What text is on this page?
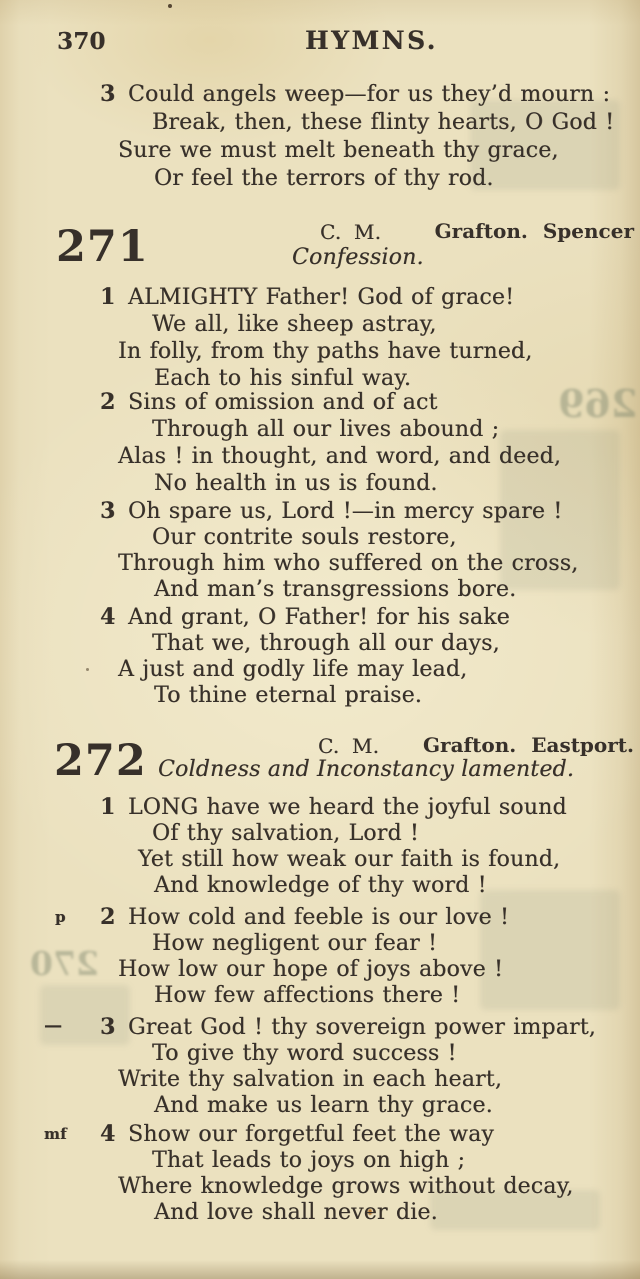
269
270
370	HYMNS.
3 Could angels weep—for us they’d mourn :
Break, then, these flinty hearts, O God !
Sure we must melt beneath thy grace,
Or feel the terrors of thy rod.
C. M.	Grafton. Spencer
271	Confession.
1 ALMIGHTY Father! God of grace!
We all, like sheep astray,
In folly, from thy paths have turned,
Each to his sinful way.
2 Sins of omission and of act
Through all our lives abound ;
Alas ! in thought, and word, and deed,
No health in us is found.
3 Oh spare us, Lord !—in mercy spare !
Our contrite souls restore,
Through him who suffered on the cross,
And man’s transgressions bore.
4 And grant, O Father! for his sake
That we, through all our days,
A just and godly life may lead,
To thine eternal praise.
C. M. Grafton. Eastport.
272 Coldness and Inconstancy lamented.
1 LONG have we heard the joyful sound
Of thy salvation, Lord !
Yet still how weak our faith is found,
And knowledge of thy word !
p	2 How cold and feeble is our love !
How negligent our fear !
How low our hope of joys above !
How few affections there !
—	3 Great God ! thy sovereign power impart,
To give thy word success !
Write thy salvation in each heart,
And make us learn thy grace.
mf	4 Show our forgetful feet the way
That leads to joys on high ;
Where knowledge grows without decay,
And love shall never die.
